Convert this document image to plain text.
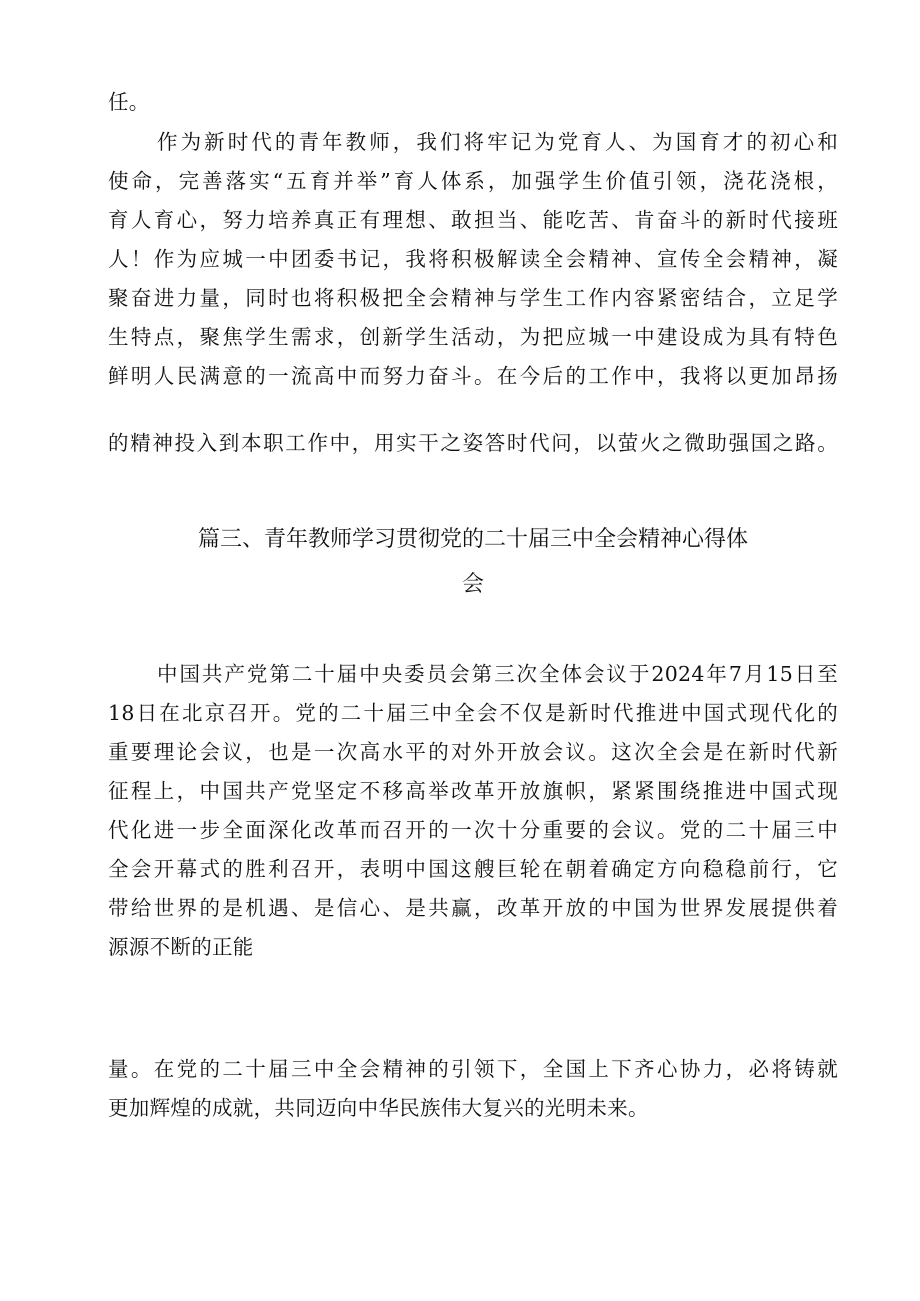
任。
作为新时代的青年教师，我们将牢记为党育人、为国育才的初心和
使命，完善落实“五育并举”育人体系，加强学生价值引领，浇花浇根，
育人育心，努力培养真正有理想、敢担当、能吃苦、肯奋斗的新时代接班
人！作为应城一中团委书记，我将积极解读全会精神、宣传全会精神，凝
聚奋进力量，同时也将积极把全会精神与学生工作内容紧密结合，立足学
生特点，聚焦学生需求，创新学生活动，为把应城一中建设成为具有特色
鲜明人民满意的一流高中而努力奋斗。在今后的工作中，我将以更加昂扬
的精神投入到本职工作中，用实干之姿答时代问，以萤火之微助强国之路。
篇三、青年教师学习贯彻党的二十届三中全会精神心得体
会
中国共产党第二十届中央委员会第三次全体会议于2024年7月15日至
18日在北京召开。党的二十届三中全会不仅是新时代推进中国式现代化的
重要理论会议，也是一次高水平的对外开放会议。这次全会是在新时代新
征程上，中国共产党坚定不移高举改革开放旗帜，紧紧围绕推进中国式现
代化进一步全面深化改革而召开的一次十分重要的会议。党的二十届三中
全会开幕式的胜利召开，表明中国这艘巨轮在朝着确定方向稳稳前行，它
带给世界的是机遇、是信心、是共赢，改革开放的中国为世界发展提供着
源源不断的正能
量。在党的二十届三中全会精神的引领下，全国上下齐心协力，必将铸就
更加辉煌的成就，共同迈向中华民族伟大复兴的光明未来。
